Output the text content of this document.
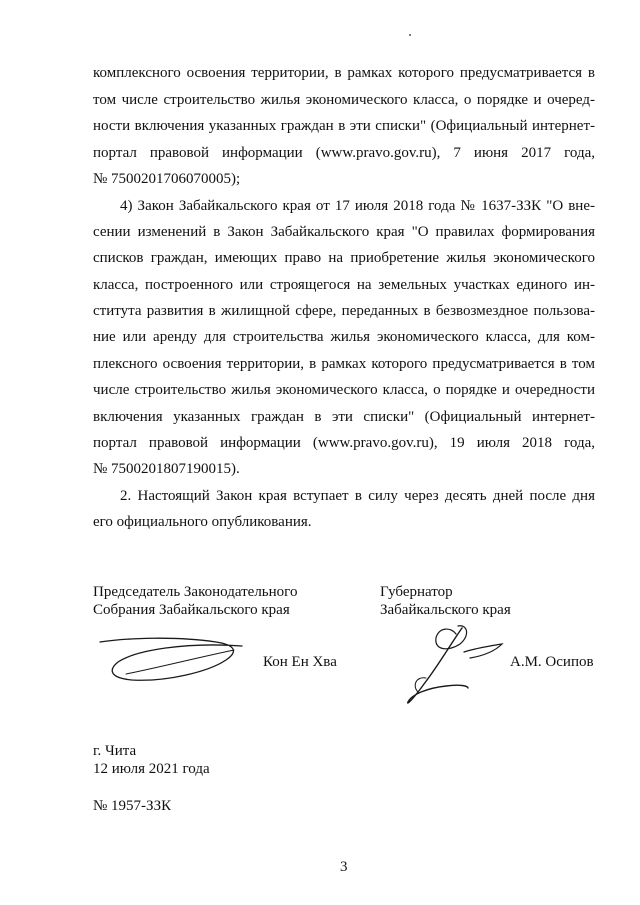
комплексного освоения территории, в рамках которого предусматривается в
том числе строительство жилья экономического класса, о порядке и очеред-
ности включения указанных граждан в эти списки" (Официальный интернет-
портал правовой информации (www.pravo.gov.ru), 7 июня 2017 года,
№ 7500201706070005);
4) Закон Забайкальского края от 17 июля 2018 года № 1637-ЗЗК "О вне-
сении изменений в Закон Забайкальского края "О правилах формирования
списков граждан, имеющих право на приобретение жилья экономического
класса, построенного или строящегося на земельных участках единого ин-
ститута развития в жилищной сфере, переданных в безвозмездное пользова-
ние или аренду для строительства жилья экономического класса, для ком-
плексного освоения территории, в рамках которого предусматривается в том
числе строительство жилья экономического класса, о порядке и очередности
включения указанных граждан в эти списки" (Официальный интернет-
портал правовой информации (www.pravo.gov.ru), 19 июля 2018 года,
№ 7500201807190015).
2. Настоящий Закон края вступает в силу через десять дней после дня
его официального опубликования.
Председатель Законодательного
Собрания Забайкальского края
Кон Ен Хва
Губернатор
Забайкальского края
А.М. Осипов
г. Чита
12 июля 2021 года
№ 1957-ЗЗК
3
